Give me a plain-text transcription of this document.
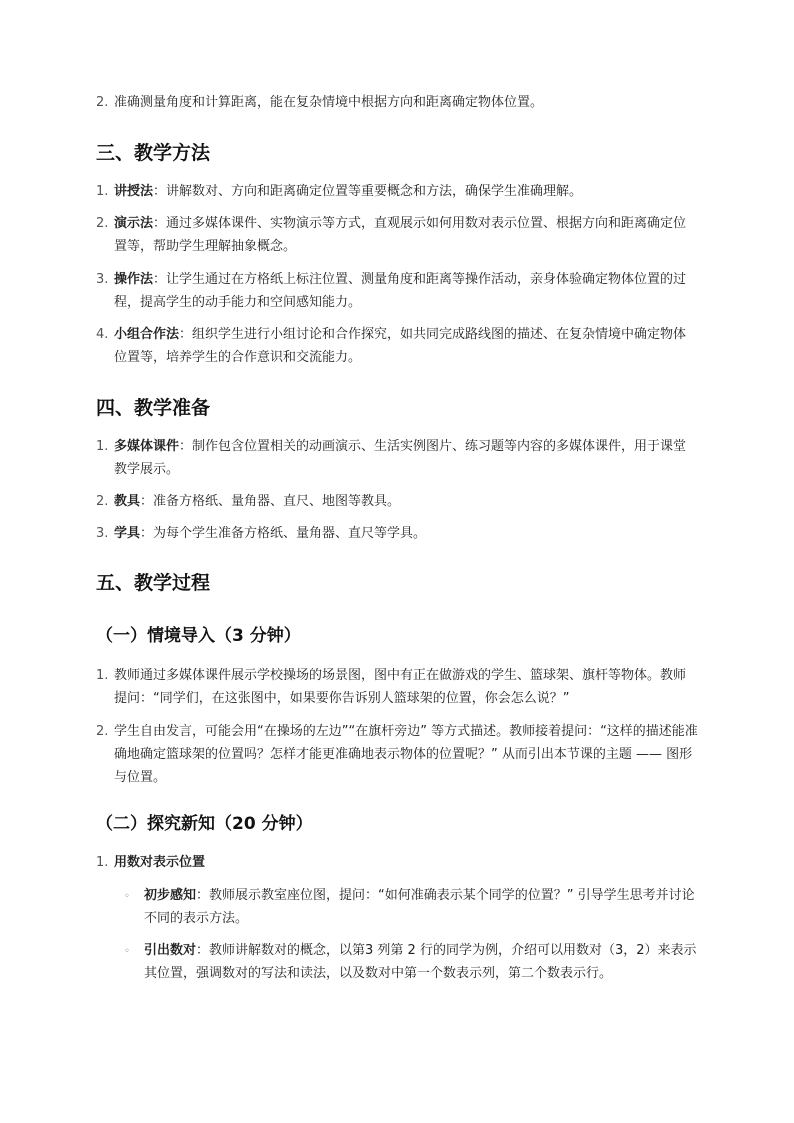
2. 准确测量角度和计算距离，能在复杂情境中根据方向和距离确定物体位置。
三、教学方法
1. 讲授法：讲解数对、方向和距离确定位置等重要概念和方法，确保学生准确理解。
2. 演示法：通过多媒体课件、实物演示等方式，直观展示如何用数对表示位置、根据方向和距离确定位置等，帮助学生理解抽象概念。
3. 操作法：让学生通过在方格纸上标注位置、测量角度和距离等操作活动，亲身体验确定物体位置的过程，提高学生的动手能力和空间感知能力。
4. 小组合作法：组织学生进行小组讨论和合作探究，如共同完成路线图的描述、在复杂情境中确定物体位置等，培养学生的合作意识和交流能力。
四、教学准备
1. 多媒体课件：制作包含位置相关的动画演示、生活实例图片、练习题等内容的多媒体课件，用于课堂教学展示。
2. 教具：准备方格纸、量角器、直尺、地图等教具。
3. 学具：为每个学生准备方格纸、量角器、直尺等学具。
五、教学过程
（一）情境导入（3 分钟）
1. 教师通过多媒体课件展示学校操场的场景图，图中有正在做游戏的学生、篮球架、旗杆等物体。教师提问：“同学们，在这张图中，如果要你告诉别人篮球架的位置，你会怎么说？”
2. 学生自由发言，可能会用“在操场的左边”“在旗杆旁边” 等方式描述。教师接着提问：“这样的描述能准确地确定篮球架的位置吗？怎样才能更准确地表示物体的位置呢？” 从而引出本节课的主题 —— 图形与位置。
（二）探究新知（20 分钟）
1. 用数对表示位置
◦ 初步感知：教师展示教室座位图，提问：“如何准确表示某个同学的位置？” 引导学生思考并讨论不同的表示方法。
◦ 引出数对：教师讲解数对的概念，以第3 列第 2 行的同学为例，介绍可以用数对（3，2）来表示其位置，强调数对的写法和读法，以及数对中第一个数表示列，第二个数表示行。
